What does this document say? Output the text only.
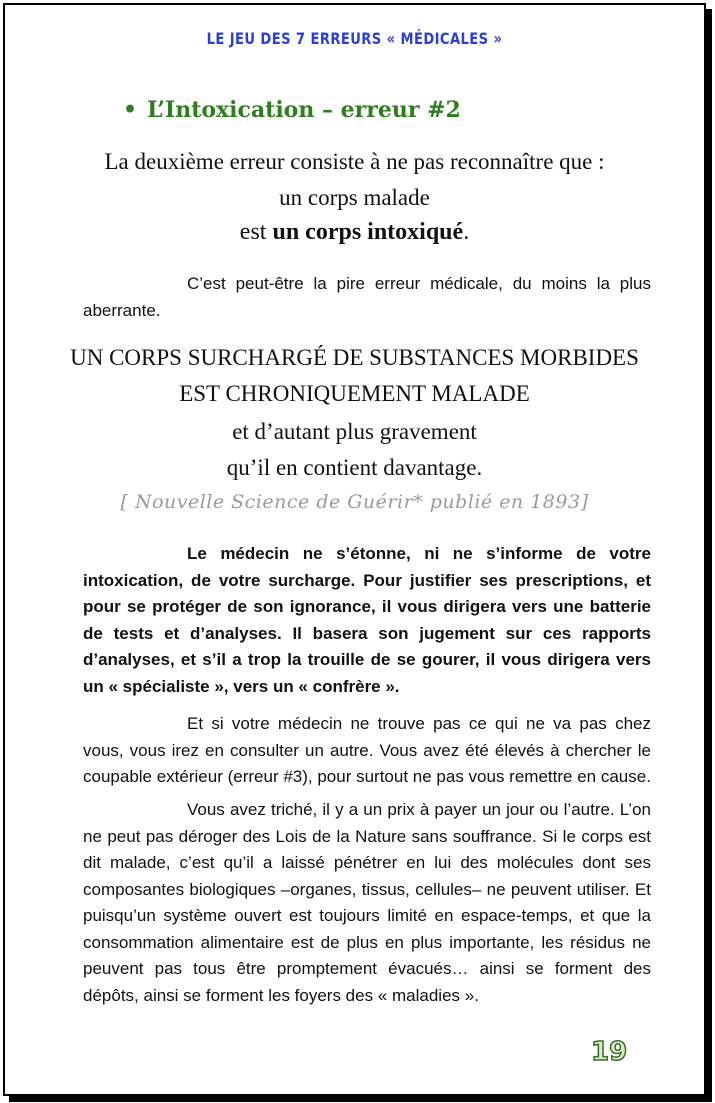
LE JEU DES 7 ERREURS « MÉDICALES »
• L’Intoxication – erreur #2
La deuxième erreur consiste à ne pas reconnaître que :
un corps malade
est un corps intoxiqué.
C’est peut-être la pire erreur médicale, du moins la plus aberrante.
UN CORPS SURCHARGÉ DE SUBSTANCES MORBIDES
EST CHRONIQUEMENT MALADE
et d’autant plus gravement
qu’il en contient davantage.
[ Nouvelle Science de Guérir* publié en 1893]
Le médecin ne s’étonne, ni ne s’informe de votre intoxication, de votre surcharge. Pour justifier ses prescriptions, et pour se protéger de son ignorance, il vous dirigera vers une batterie de tests et d’analyses. Il basera son jugement sur ces rapports d’analyses, et s’il a trop la trouille de se gourer, il vous dirigera vers un « spécialiste », vers un « confrère ».
Et si votre médecin ne trouve pas ce qui ne va pas chez vous, vous irez en consulter un autre. Vous avez été élevés à chercher le coupable extérieur (erreur #3), pour surtout ne pas vous remettre en cause.
Vous avez triché, il y a un prix à payer un jour ou l’autre. L’on ne peut pas déroger des Lois de la Nature sans souffrance. Si le corps est dit malade, c’est qu’il a laissé pénétrer en lui des molécules dont ses composantes biologiques –organes, tissus, cellules– ne peuvent utiliser. Et puisqu’un système ouvert est toujours limité en espace-temps, et que la consommation alimentaire est de plus en plus importante, les résidus ne peuvent pas tous être promptement évacués… ainsi se forment des dépôts, ainsi se forment les foyers des « maladies ».
19
